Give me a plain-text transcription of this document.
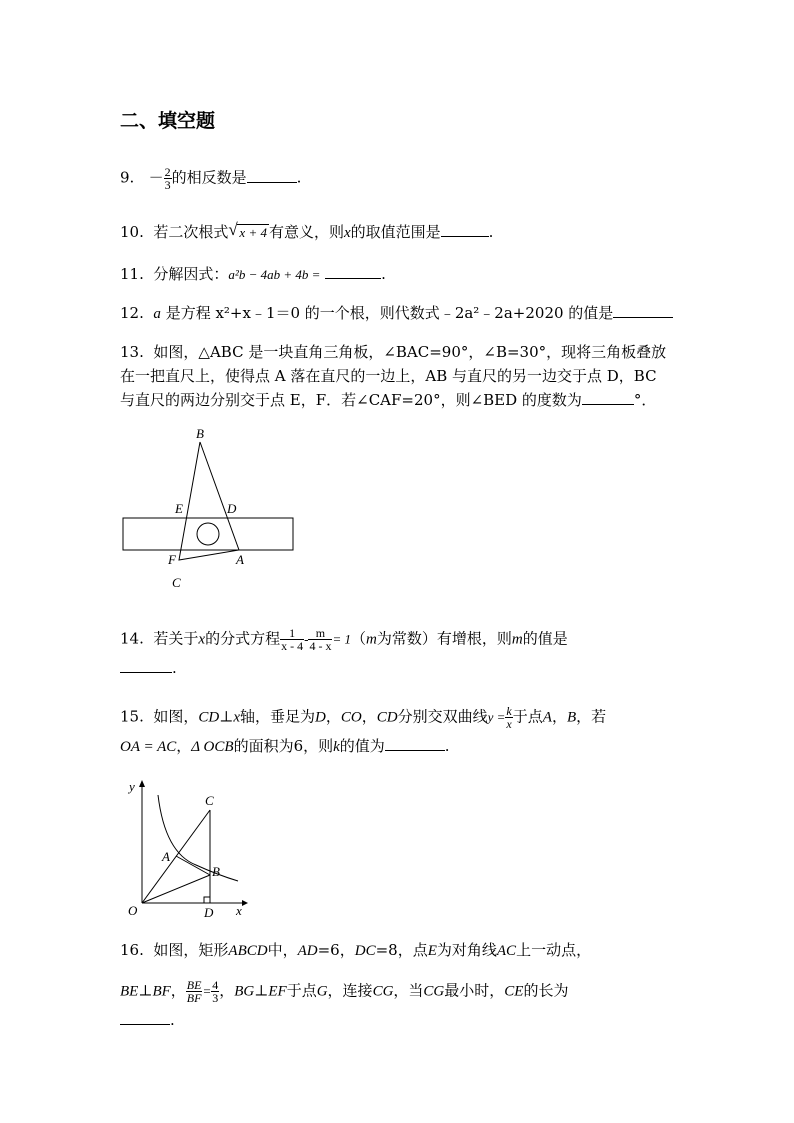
二、填空题
9. － $\frac{2}{3}$ 的相反数是	.
10. 若二次根式 √ x + 4 有意义，则x的取值范围是	.
11. 分解因式：a²b − 4ab + 4b =	.
12. a 是方程 x²+x﹣1＝0 的一个根，则代数式﹣2a²﹣2a+2020 的值是
13. 如图，△ABC 是一块直角三角板，∠BAC=90°，∠B=30°，现将三角板叠放
在一把直尺上，使得点 A 落在直尺的一边上，AB 与直尺的另一边交于点 D，BC
与直尺的两边分别交于点 E，F．若∠CAF=20°，则∠BED 的度数为	°．
B
E	D
F	A
C
14. 若关于x的分式方程 $\frac{1}{x - 4} - \frac{m}{4 - x} = 1(m$为常数）有增根，则m的值是
.
15. 如图，CD⊥x轴，垂足为D，CO，CD分别交双曲线$y = \frac{k}{x}$ 于点A，B，若
OA = AC，Δ OCB的面积为6，则k的值为	.
y
C
A
B
O	D x
16. 如图，矩形ABCD中，AD=6，DC=8，点E为对角线AC上一动点，
BE⊥BF， $\frac{BE}{BF} = \frac{4}{3}$ ，BG⊥EF于点G，连接CG，当CG最小时，CE的长为
.
